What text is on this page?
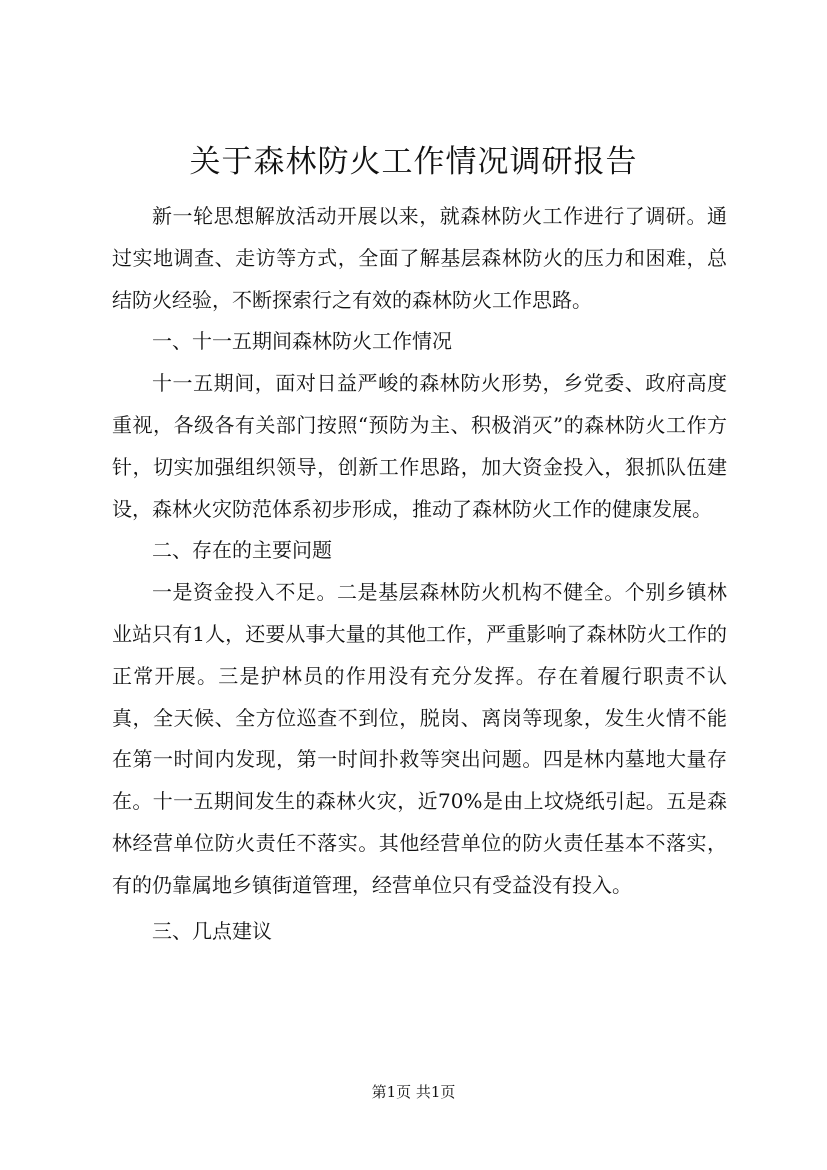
关于森林防火工作情况调研报告

新一轮思想解放活动开展以来，就森林防火工作进行了调研。通过实地调查、走访等方式，全面了解基层森林防火的压力和困难，总结防火经验，不断探索行之有效的森林防火工作思路。

一、十一五期间森林防火工作情况

十一五期间，面对日益严峻的森林防火形势，乡党委、政府高度重视，各级各有关部门按照“预防为主、积极消灭”的森林防火工作方针，切实加强组织领导，创新工作思路，加大资金投入，狠抓队伍建设，森林火灾防范体系初步形成，推动了森林防火工作的健康发展。

二、存在的主要问题

一是资金投入不足。二是基层森林防火机构不健全。个别乡镇林业站只有1人，还要从事大量的其他工作，严重影响了森林防火工作的正常开展。三是护林员的作用没有充分发挥。存在着履行职责不认真，全天候、全方位巡查不到位，脱岗、离岗等现象，发生火情不能在第一时间内发现，第一时间扑救等突出问题。四是林内墓地大量存在。十一五期间发生的森林火灾，近70%是由上坟烧纸引起。五是森林经营单位防火责任不落实。其他经营单位的防火责任基本不落实，有的仍靠属地乡镇街道管理，经营单位只有受益没有投入。

三、几点建议

第1页 共1页
